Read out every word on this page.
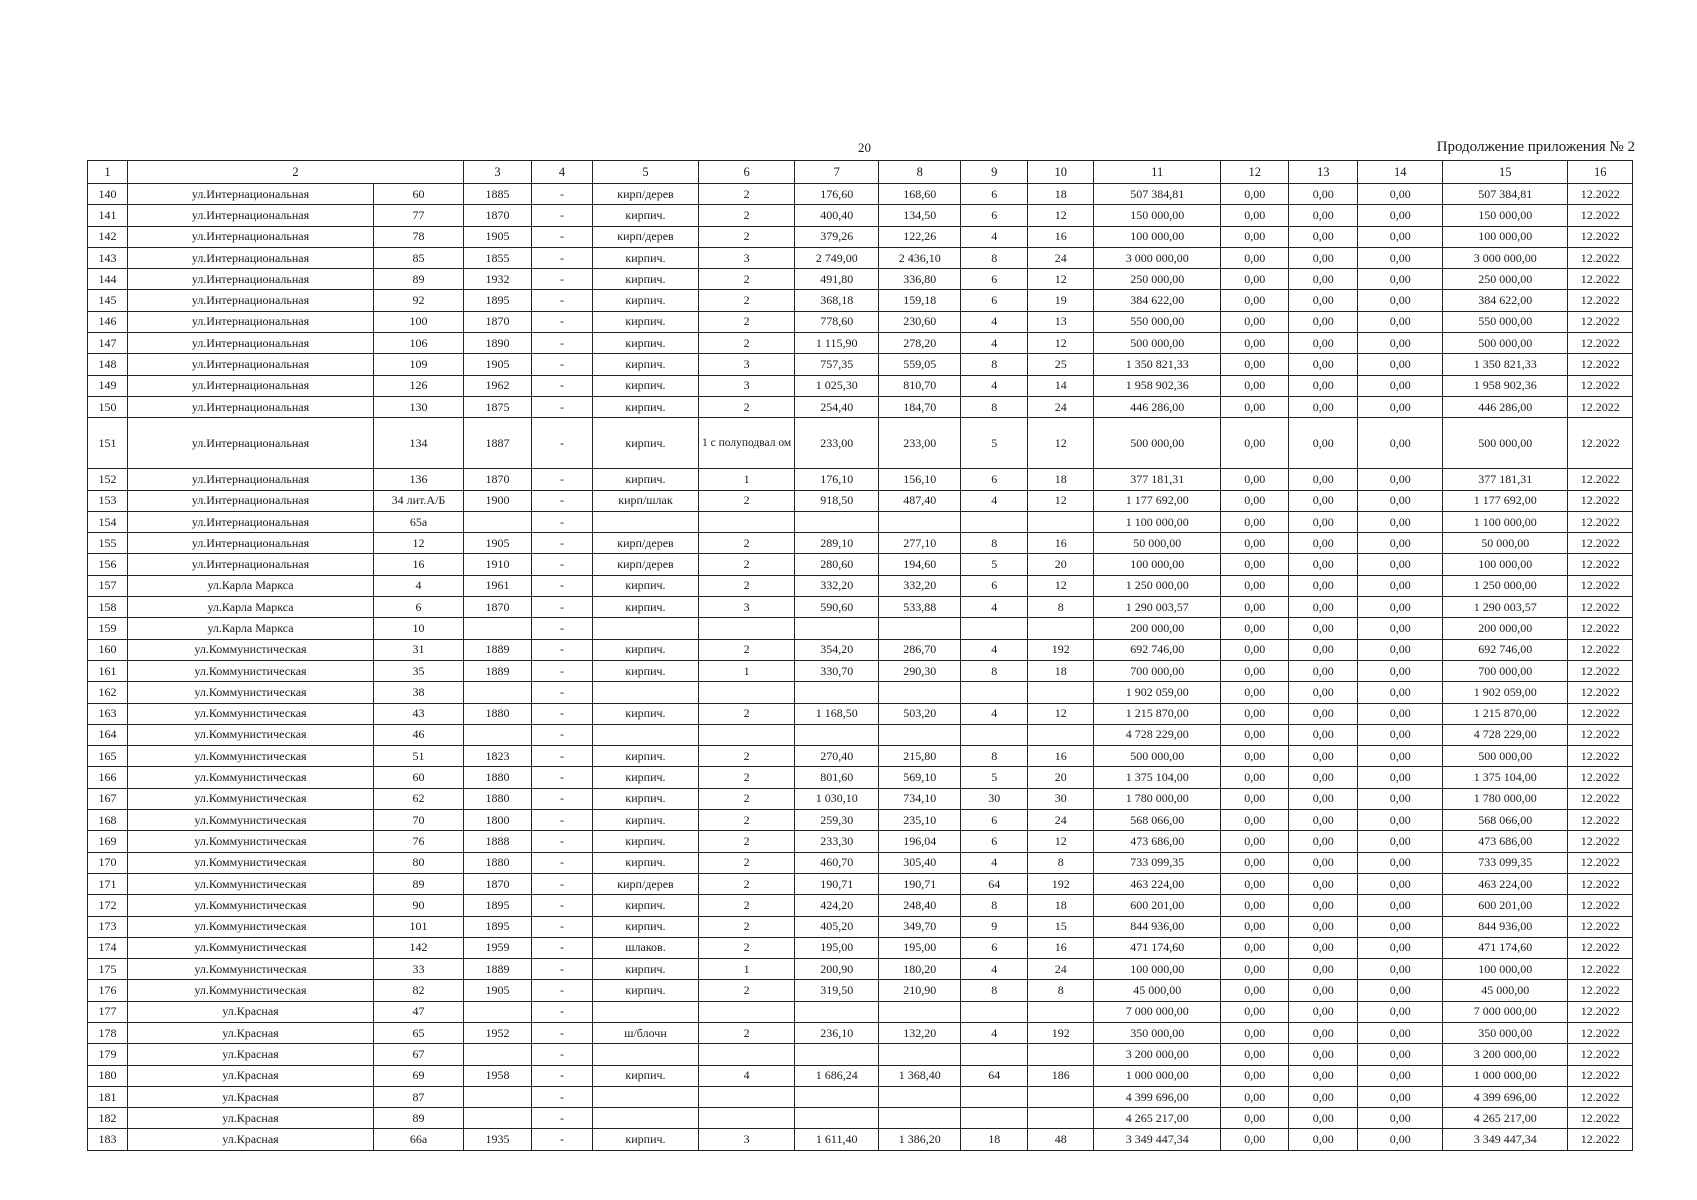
20	Продолжение приложения № 2
1	2		3	4	5	6	7	8	9	10	11	12	13	14	15	16
140	ул.Интернациональная	60	1885	-	кирп/дерев	2	176,60	168,60	6	18	507 384,81	0,00	0,00	0,00	507 384,81	12.2022
141	ул.Интернациональная	77	1870	-	кирпич.	2	400,40	134,50	6	12	150 000,00	0,00	0,00	0,00	150 000,00	12.2022
142	ул.Интернациональная	78	1905	-	кирп/дерев	2	379,26	122,26	4	16	100 000,00	0,00	0,00	0,00	100 000,00	12.2022
143	ул.Интернациональная	85	1855	-	кирпич.	3	2 749,00	2 436,10	8	24	3 000 000,00	0,00	0,00	0,00	3 000 000,00	12.2022
144	ул.Интернациональная	89	1932	-	кирпич.	2	491,80	336,80	6	12	250 000,00	0,00	0,00	0,00	250 000,00	12.2022
145	ул.Интернациональная	92	1895	-	кирпич.	2	368,18	159,18	6	19	384 622,00	0,00	0,00	0,00	384 622,00	12.2022
146	ул.Интернациональная	100	1870	-	кирпич.	2	778,60	230,60	4	13	550 000,00	0,00	0,00	0,00	550 000,00	12.2022
147	ул.Интернациональная	106	1890	-	кирпич.	2	1 115,90	278,20	4	12	500 000,00	0,00	0,00	0,00	500 000,00	12.2022
148	ул.Интернациональная	109	1905	-	кирпич.	3	757,35	559,05	8	25	1 350 821,33	0,00	0,00	0,00	1 350 821,33	12.2022
149	ул.Интернациональная	126	1962	-	кирпич.	3	1 025,30	810,70	4	14	1 958 902,36	0,00	0,00	0,00	1 958 902,36	12.2022
150	ул.Интернациональная	130	1875	-	кирпич.	2	254,40	184,70	8	24	446 286,00	0,00	0,00	0,00	446 286,00	12.2022
151	ул.Интернациональная	134	1887	-	кирпич.	1 с полуподвал ом	233,00	233,00	5	12	500 000,00	0,00	0,00	0,00	500 000,00	12.2022
152	ул.Интернациональная	136	1870	-	кирпич.	1	176,10	156,10	6	18	377 181,31	0,00	0,00	0,00	377 181,31	12.2022
153	ул.Интернациональная	34 лит.А/Б	1900	-	кирп/шлак	2	918,50	487,40	4	12	1 177 692,00	0,00	0,00	0,00	1 177 692,00	12.2022
154	ул.Интернациональная	65а		-							1 100 000,00	0,00	0,00	0,00	1 100 000,00	12.2022
155	ул.Интернациональная	12	1905	-	кирп/дерев	2	289,10	277,10	8	16	50 000,00	0,00	0,00	0,00	50 000,00	12.2022
156	ул.Интернациональная	16	1910	-	кирп/дерев	2	280,60	194,60	5	20	100 000,00	0,00	0,00	0,00	100 000,00	12.2022
157	ул.Карла Маркса	4	1961	-	кирпич.	2	332,20	332,20	6	12	1 250 000,00	0,00	0,00	0,00	1 250 000,00	12.2022
158	ул.Карла Маркса	6	1870	-	кирпич.	3	590,60	533,88	4	8	1 290 003,57	0,00	0,00	0,00	1 290 003,57	12.2022
159	ул.Карла Маркса	10		-							200 000,00	0,00	0,00	0,00	200 000,00	12.2022
160	ул.Коммунистическая	31	1889	-	кирпич.	2	354,20	286,70	4	192	692 746,00	0,00	0,00	0,00	692 746,00	12.2022
161	ул.Коммунистическая	35	1889	-	кирпич.	1	330,70	290,30	8	18	700 000,00	0,00	0,00	0,00	700 000,00	12.2022
162	ул.Коммунистическая	38		-							1 902 059,00	0,00	0,00	0,00	1 902 059,00	12.2022
163	ул.Коммунистическая	43	1880	-	кирпич.	2	1 168,50	503,20	4	12	1 215 870,00	0,00	0,00	0,00	1 215 870,00	12.2022
164	ул.Коммунистическая	46		-							4 728 229,00	0,00	0,00	0,00	4 728 229,00	12.2022
165	ул.Коммунистическая	51	1823	-	кирпич.	2	270,40	215,80	8	16	500 000,00	0,00	0,00	0,00	500 000,00	12.2022
166	ул.Коммунистическая	60	1880	-	кирпич.	2	801,60	569,10	5	20	1 375 104,00	0,00	0,00	0,00	1 375 104,00	12.2022
167	ул.Коммунистическая	62	1880	-	кирпич.	2	1 030,10	734,10	30	30	1 780 000,00	0,00	0,00	0,00	1 780 000,00	12.2022
168	ул.Коммунистическая	70	1800	-	кирпич.	2	259,30	235,10	6	24	568 066,00	0,00	0,00	0,00	568 066,00	12.2022
169	ул.Коммунистическая	76	1888	-	кирпич.	2	233,30	196,04	6	12	473 686,00	0,00	0,00	0,00	473 686,00	12.2022
170	ул.Коммунистическая	80	1880	-	кирпич.	2	460,70	305,40	4	8	733 099,35	0,00	0,00	0,00	733 099,35	12.2022
171	ул.Коммунистическая	89	1870	-	кирп/дерев	2	190,71	190,71	64	192	463 224,00	0,00	0,00	0,00	463 224,00	12.2022
172	ул.Коммунистическая	90	1895	-	кирпич.	2	424,20	248,40	8	18	600 201,00	0,00	0,00	0,00	600 201,00	12.2022
173	ул.Коммунистическая	101	1895	-	кирпич.	2	405,20	349,70	9	15	844 936,00	0,00	0,00	0,00	844 936,00	12.2022
174	ул.Коммунистическая	142	1959	-	шлаков.	2	195,00	195,00	6	16	471 174,60	0,00	0,00	0,00	471 174,60	12.2022
175	ул.Коммунистическая	33	1889	-	кирпич.	1	200,90	180,20	4	24	100 000,00	0,00	0,00	0,00	100 000,00	12.2022
176	ул.Коммунистическая	82	1905	-	кирпич.	2	319,50	210,90	8	8	45 000,00	0,00	0,00	0,00	45 000,00	12.2022
177	ул.Красная	47		-							7 000 000,00	0,00	0,00	0,00	7 000 000,00	12.2022
178	ул.Красная	65	1952	-	ш/блочн	2	236,10	132,20	4	192	350 000,00	0,00	0,00	0,00	350 000,00	12.2022
179	ул.Красная	67		-							3 200 000,00	0,00	0,00	0,00	3 200 000,00	12.2022
180	ул.Красная	69	1958	-	кирпич.	4	1 686,24	1 368,40	64	186	1 000 000,00	0,00	0,00	0,00	1 000 000,00	12.2022
181	ул.Красная	87		-							4 399 696,00	0,00	0,00	0,00	4 399 696,00	12.2022
182	ул.Красная	89		-							4 265 217,00	0,00	0,00	0,00	4 265 217,00	12.2022
183	ул.Красная	66а	1935	-	кирпич.	3	1 611,40	1 386,20	18	48	3 349 447,34	0,00	0,00	0,00	3 349 447,34	12.2022
